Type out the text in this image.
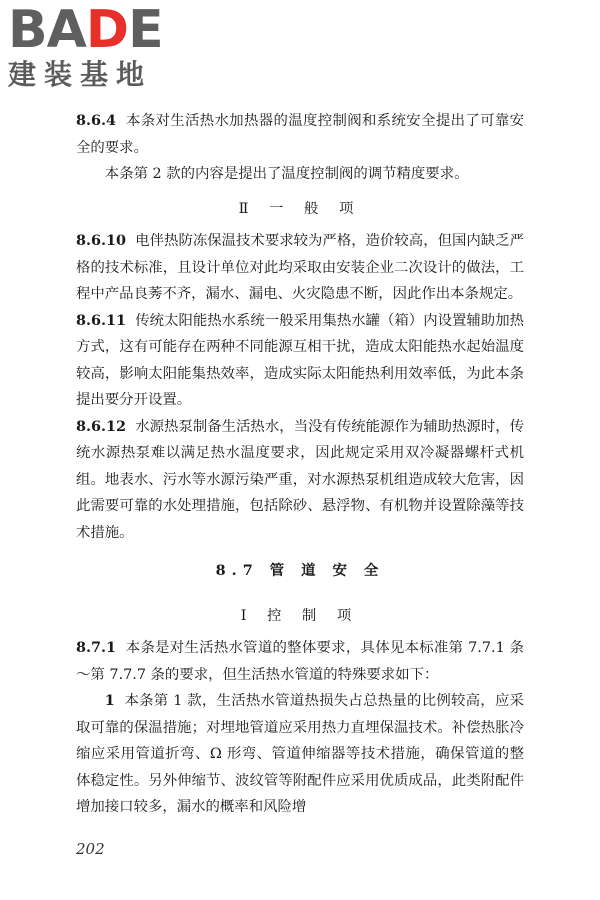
BADE
建装基地

8.6.4 本条对生活热水加热器的温度控制阀和系统安全提出了可靠安全的要求。

本条第 2 款的内容是提出了温度控制阀的调节精度要求。

Ⅱ 一 般 项

8.6.10 电伴热防冻保温技术要求较为严格，造价较高，但国内缺乏严格的技术标准，且设计单位对此均采取由安装企业二次设计的做法，工程中产品良莠不齐，漏水、漏电、火灾隐患不断，因此作出本条规定。

8.6.11 传统太阳能热水系统一般采用集热水罐（箱）内设置辅助加热方式，这有可能存在两种不同能源互相干扰，造成太阳能热水起始温度较高，影响太阳能集热效率，造成实际太阳能热利用效率低，为此本条提出要分开设置。

8.6.12 水源热泵制备生活热水，当没有传统能源作为辅助热源时，传统水源热泵难以满足热水温度要求，因此规定采用双冷凝器螺杆式机组。地表水、污水等水源污染严重，对水源热泵机组造成较大危害，因此需要可靠的水处理措施，包括除砂、悬浮物、有机物并设置除藻等技术措施。

8.7 管 道 安 全

Ⅰ 控 制 项

8.7.1 本条是对生活热水管道的整体要求，具体见本标准第 7.7.1 条～第 7.7.7 条的要求，但生活热水管道的特殊要求如下：

1 本条第 1 款，生活热水管道热损失占总热量的比例较高，应采取可靠的保温措施；对埋地管道应采用热力直埋保温技术。补偿热胀冷缩应采用管道折弯、Ω 形弯、管道伸缩器等技术措施，确保管道的整体稳定性。另外伸缩节、波纹管等附配件应采用优质成品，此类附配件增加接口较多，漏水的概率和风险增

202
